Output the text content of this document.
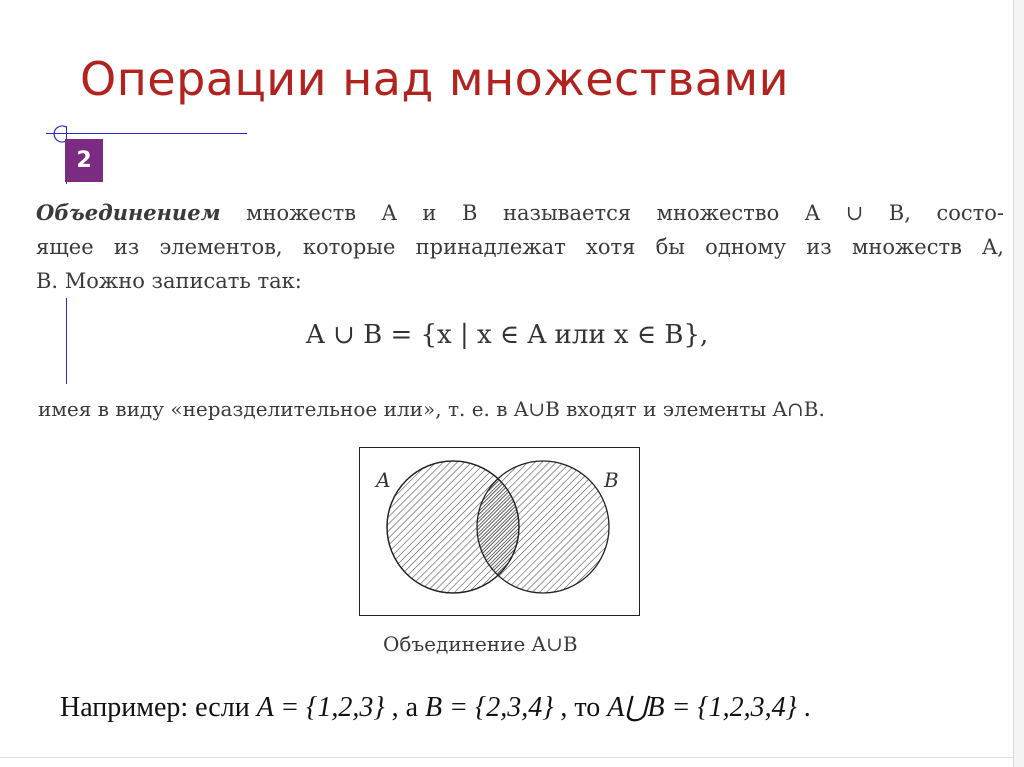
Операции над множествами
2
Объединением множеств A и B называется множество A ∪ B, состо-
ящее из элементов, которые принадлежат хотя бы одному из множеств A,
B. Можно записать так:
A ∪ B = {x | x ∈ A или x ∈ B},
имея в виду «неразделительное или», т. е. в A∪B входят и элементы A∩B.
A	B
Объединение A∪B
Например: если A = {1,2,3} , а B = {2,3,4} , то A⋃B = {1,2,3,4} .
